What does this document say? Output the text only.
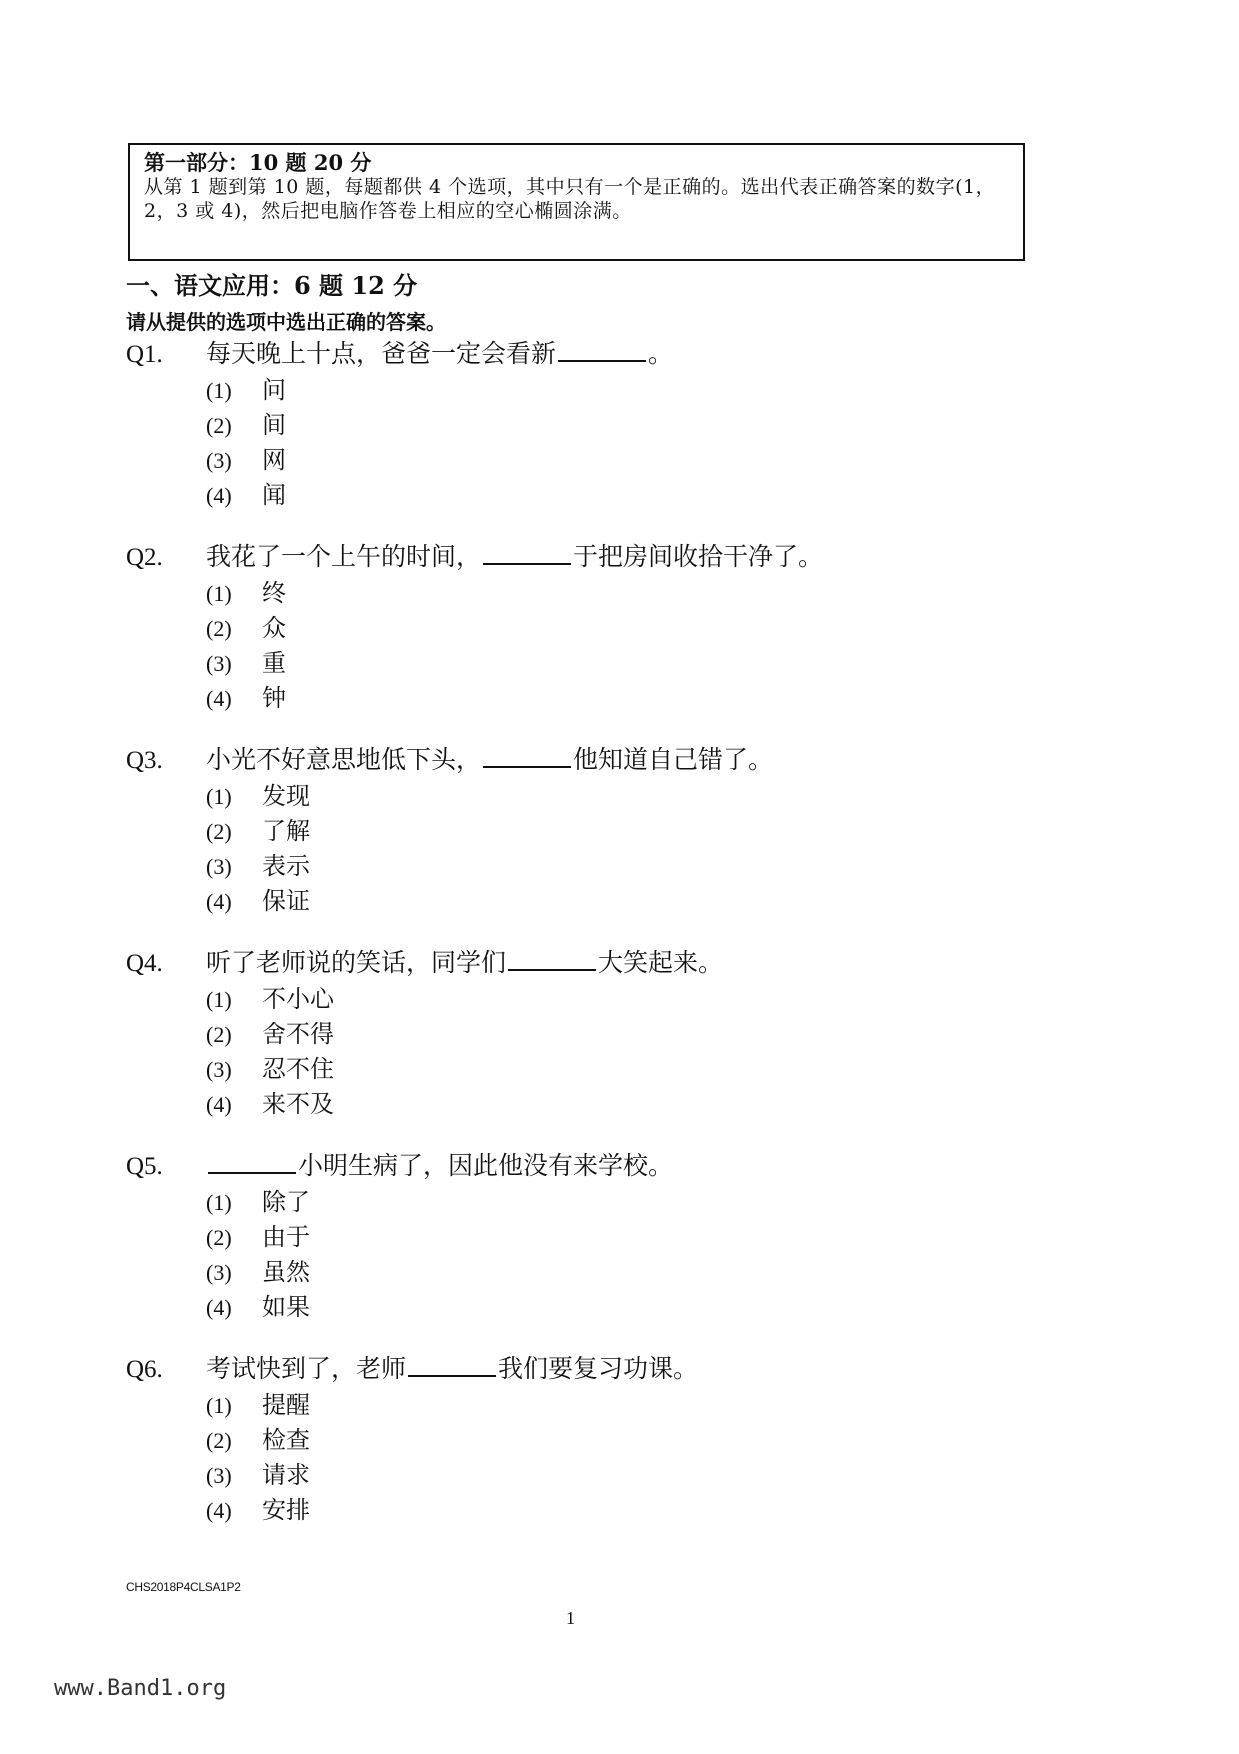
第一部分：10 题 20 分

从第 1 题到第 10 题，每题都供 4 个选项，其中只有一个是正确的。选出代表正确答案的数字(1，2，3 或 4)，然后把电脑作答卷上相应的空心椭圆涂满。

一、语文应用：6 题 12 分

请从提供的选项中选出正确的答案。

Q1. 每天晚上十点，爸爸一定会看新	。

(1) 问
(2) 间
(3) 网
(4) 闻

Q2. 我花了一个上午的时间，	于把房间收拾干净了。

(1) 终
(2) 众
(3) 重
(4) 钟

Q3. 小光不好意思地低下头，	他知道自己错了。

(1) 发现
(2) 了解
(3) 表示
(4) 保证

Q4. 听了老师说的笑话，同学们	大笑起来。

(1) 不小心
(2) 舍不得
(3) 忍不住
(4) 来不及

Q5.	小明生病了，因此他没有来学校。

(1) 除了
(2) 由于
(3) 虽然
(4) 如果

Q6. 考试快到了，老师	我们要复习功课。

(1) 提醒
(2) 检查
(3) 请求
(4) 安排
CHS2018P4CLSA1P2
1
www.Band1.org
